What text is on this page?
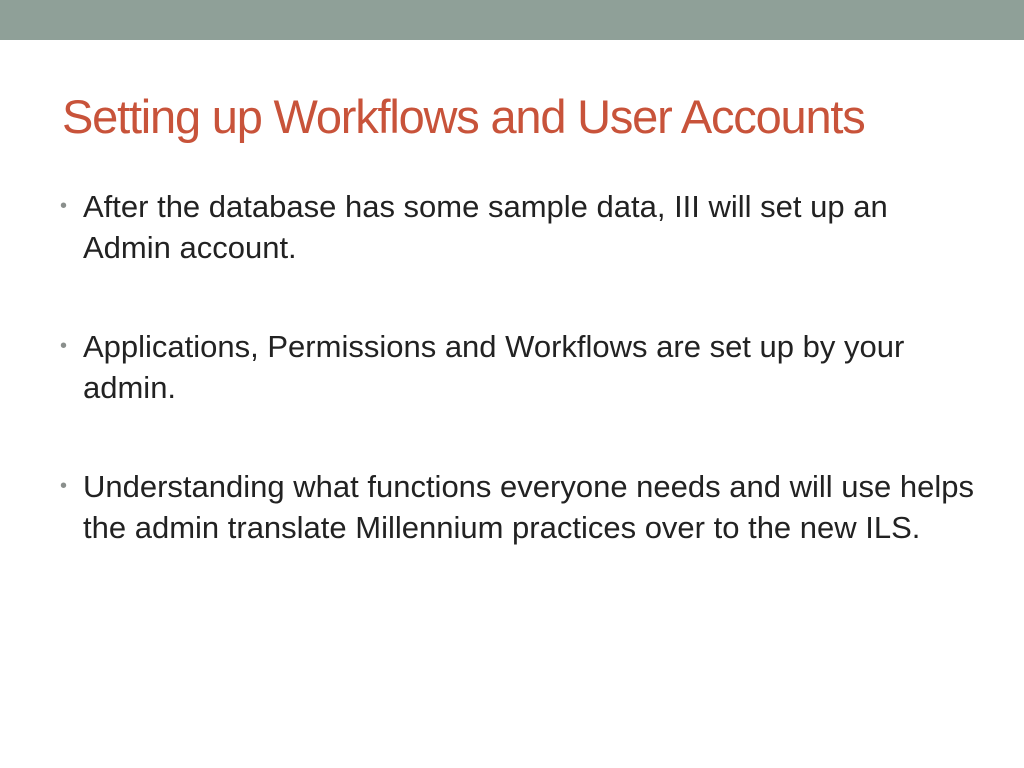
Setting up Workflows and User Accounts
• After the database has some sample data, III will set up an Admin account.
• Applications, Permissions and Workflows are set up by your admin.
• Understanding what functions everyone needs and will use helps the admin translate Millennium practices over to the new ILS.
